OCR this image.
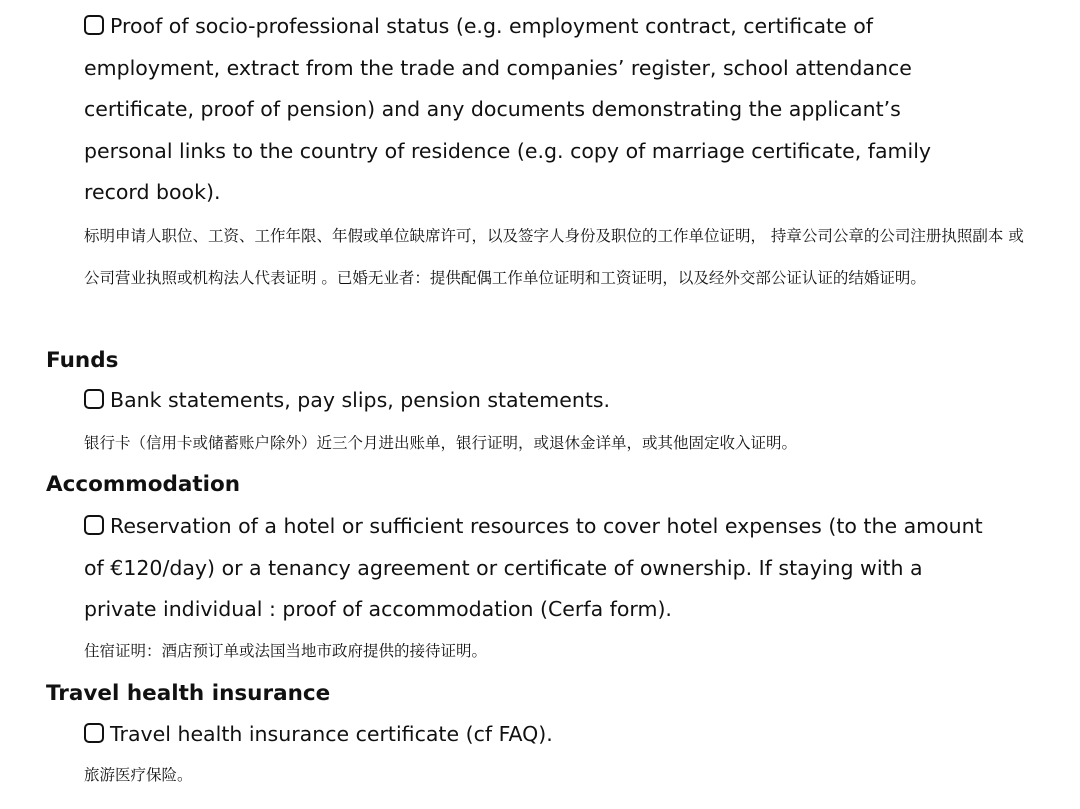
Proof of socio-professional status (e.g. employment contract, certificate of employment, extract from the trade and companies’ register, school attendance certificate, proof of pension) and any documents demonstrating the applicant’s personal links to the country of residence (e.g. copy of marriage certificate, family record book).
标明申请人职位、工资、工作年限、年假或单位缺席许可，以及签字人身份及职位的工作单位证明， 持章公司公章的公司注册执照副本 或 公司营业执照或机构法人代表证明 。已婚无业者：提供配偶工作单位证明和工资证明，以及经外交部公证认证的结婚证明。
Funds
Bank statements, pay slips, pension statements.
银行卡（信用卡或储蓄账户除外）近三个月进出账单，银行证明，或退休金详单，或其他固定收入证明。
Accommodation
Reservation of a hotel or sufficient resources to cover hotel expenses (to the amount of €120/day) or a tenancy agreement or certificate of ownership. If staying with a private individual : proof of accommodation (Cerfa form).
住宿证明：酒店预订单或法国当地市政府提供的接待证明。
Travel health insurance
Travel health insurance certificate (cf FAQ).
旅游医疗保险。
